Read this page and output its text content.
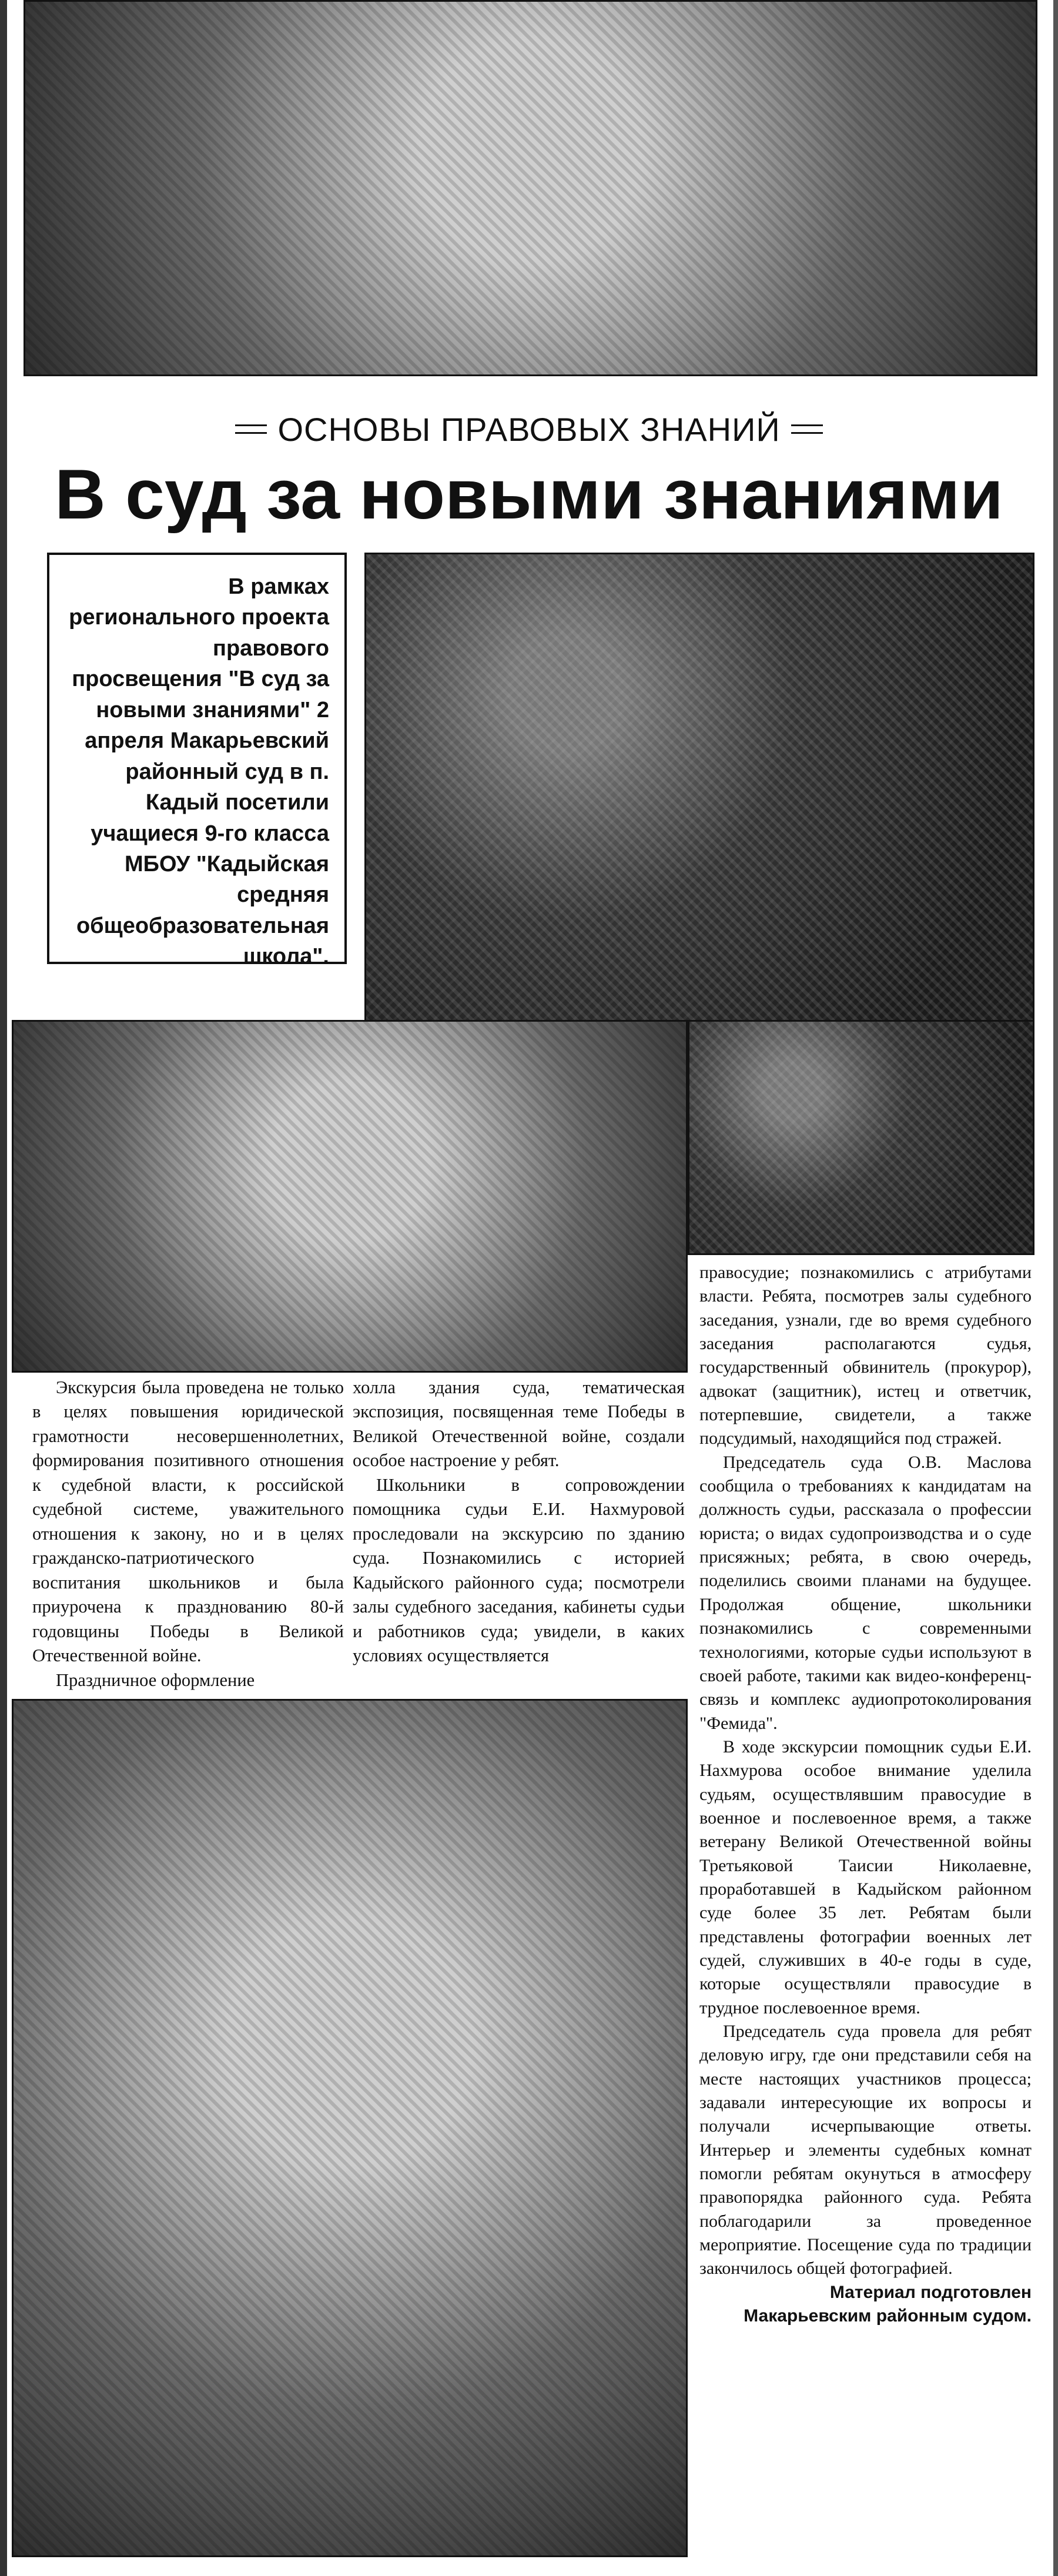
ОСНОВЫ ПРАВОВЫХ ЗНАНИЙ
В суд за новыми знаниями

В рамках регионального проекта правового просвещения "В суд за новыми знаниями" 2 апреля Макарьевский районный суд в п. Кадый посетили учащиеся 9-го класса МБОУ "Кадыйская средняя общеобразовательная школа".

Экскурсия была проведена не только в целях повышения юридической грамотности несовершеннолетних, формирования позитивного отношения к судебной власти, к российской судебной системе, уважительного отношения к закону, но и в целях гражданско-патриотического воспитания школьников и была приурочена к празднованию 80-й годовщины Победы в Великой Отечественной войне.

Праздничное оформление

холла здания суда, тематическая экспозиция, посвященная теме Победы в Великой Отечественной войне, создали особое настроение у ребят.

Школьники в сопровождении помощника судьи Е.И. Нахмуровой проследовали на экскурсию по зданию суда. Познакомились с историей Кадыйского районного суда; посмотрели залы судебного заседания, кабинеты судьи и работников суда; увидели, в каких условиях осуществляется

правосудие; познакомились с атрибутами власти. Ребята, посмотрев залы судебного заседания, узнали, где во время судебного заседания располагаются судья, государственный обвинитель (прокурор), адвокат (защитник), истец и ответчик, потерпевшие, свидетели, а также подсудимый, находящийся под стражей.

Председатель суда О.В. Маслова сообщила о требованиях к кандидатам на должность судьи, рассказала о профессии юриста; о видах судопроизводства и о суде присяжных; ребята, в свою очередь, поделились своими планами на будущее. Продолжая общение, школьники познакомились с современными технологиями, которые судьи используют в своей работе, такими как видео-конференц-связь и комплекс аудиопротоколирования "Фемида".

В ходе экскурсии помощник судьи Е.И. Нахмурова особое внимание уделила судьям, осуществлявшим правосудие в военное и послевоенное время, а также ветерану Великой Отечественной войны Третьяковой Таисии Николаевне, проработавшей в Кадыйском районном суде более 35 лет. Ребятам были представлены фотографии военных лет судей, служивших в 40-е годы в суде, которые осуществляли правосудие в трудное послевоенное время.

Председатель суда провела для ребят деловую игру, где они представили себя на месте настоящих участников процесса; задавали интересующие их вопросы и получали исчерпывающие ответы. Интерьер и элементы судебных комнат помогли ребятам окунуться в атмосферу правопорядка районного суда. Ребята поблагодарили за проведенное мероприятие. Посещение суда по традиции закончилось общей фотографией.

Материал подготовлен Макарьевским районным судом.
